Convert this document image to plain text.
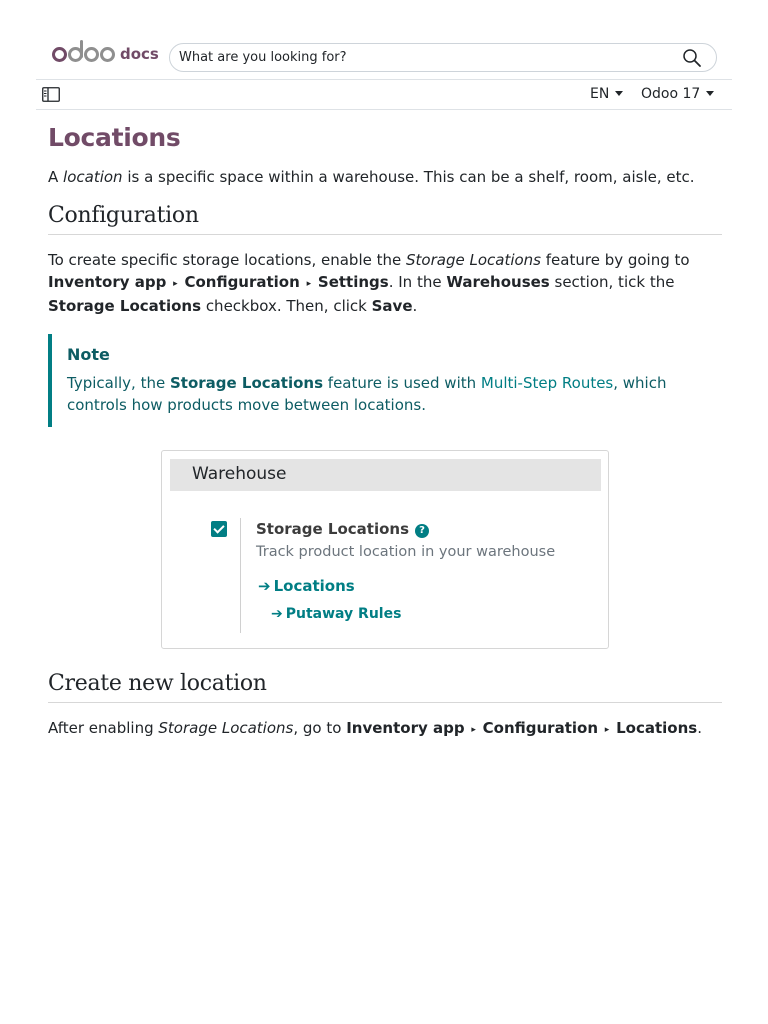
docs What are you looking for?
EN	Odoo 17
Locations

A location is a specific space within a warehouse. This can be a shelf, room, aisle, etc.

Configuration

To create specific storage locations, enable the Storage Locations feature by going to Inventory app ▸ Configuration ▸ Settings. In the Warehouses section, tick the Storage Locations checkbox. Then, click Save.

Note
Typically, the Storage Locations feature is used with Multi-Step Routes, which controls how products move between locations.
Warehouse
Storage Locations ?
Track product location in your warehouse
➔ Locations
➔ Putaway Rules
Create new location

After enabling Storage Locations, go to Inventory app ▸ Configuration ▸ Locations.
